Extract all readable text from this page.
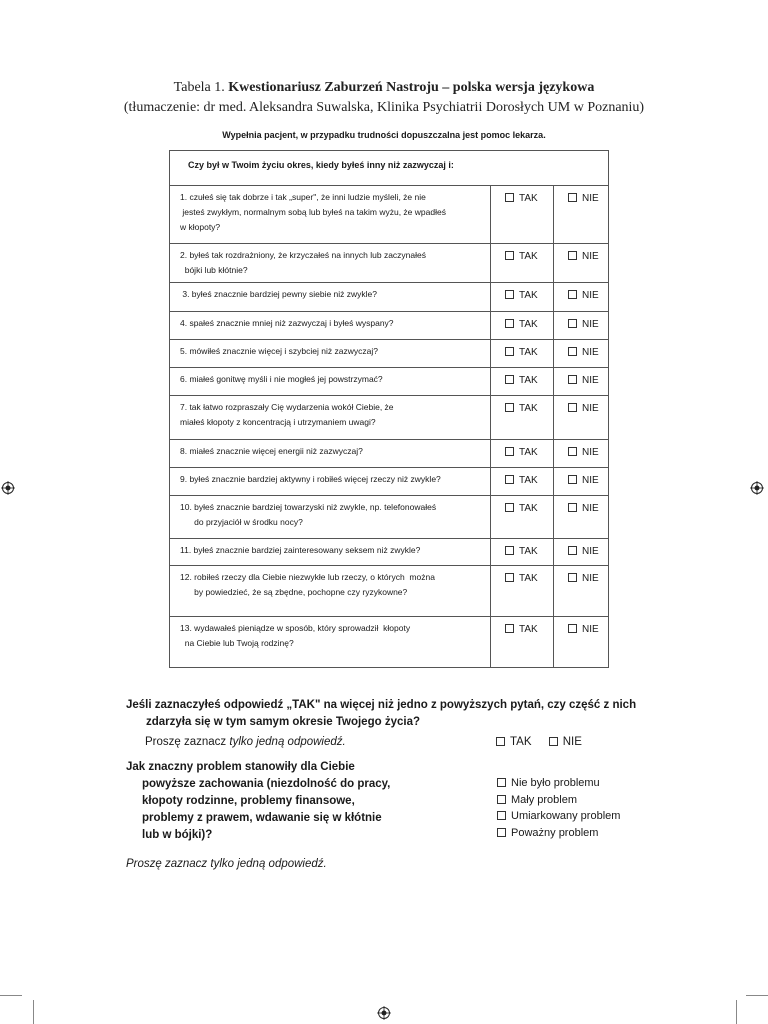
Tabela 1. Kwestionariusz Zaburzeń Nastroju – polska wersja językowa
(tłumaczenie: dr med. Aleksandra Suwalska, Klinika Psychiatrii Dorosłych UM w Poznaniu)
Wypełnia pacjent, w przypadku trudności dopuszczalna jest pomoc lekarza.
Czy był w Twoim życiu okres, kiedy byłeś inny niż zazwyczaj i:		

1. czułeś się tak dobrze i tak „super", że inni ludzie myśleli, że nie
jesteś zwykłym, normalnym sobą lub byłeś na takim wyżu, że wpadłeś
w kłopoty?	TAK	NIE

2. byłeś tak rozdrażniony, że krzyczałeś na innych lub zaczynałeś
bójki lub kłótnie?	TAK	NIE

3. byłeś znacznie bardziej pewny siebie niż zwykle?	TAK	NIE

4. spałeś znacznie mniej niż zazwyczaj i byłeś wyspany?	TAK	NIE

5. mówiłeś znacznie więcej i szybciej niż zazwyczaj?	TAK	NIE

6. miałeś gonitwę myśli i nie mogłeś jej powstrzymać?	TAK	NIE

7. tak łatwo rozpraszały Cię wydarzenia wokół Ciebie, że
miałeś kłopoty z koncentracją i utrzymaniem uwagi?	TAK	NIE

8. miałeś znacznie więcej energii niż zazwyczaj?	TAK	NIE

9. byłeś znacznie bardziej aktywny i robiłeś więcej rzeczy niż zwykle?	TAK	NIE

10. byłeś znacznie bardziej towarzyski niż zwykle, np. telefonowałeś
do przyjaciół w środku nocy?	TAK	NIE

11. byłeś znacznie bardziej zainteresowany seksem niż zwykle?	TAK	NIE

12. robiłeś rzeczy dla Ciebie niezwykłe lub rzeczy, o których  można
by powiedzieć, że są zbędne, pochopne czy ryzykowne?	TAK	NIE

13. wydawałeś pieniądze w sposób, który sprowadził  kłopoty
na Ciebie lub Twoją rodzinę?	TAK	NIE
Jeśli zaznaczyłeś odpowiedź „TAK" na więcej niż jedno z powyższych pytań, czy część z nich
zdarzyła się w tym samym okresie Twojego życia?
Proszę zaznacz tylko jedną odpowiedź.	TAK	NIE
Jak znaczny problem stanowiły dla Ciebie
powyższe zachowania (niezdolność do pracy,
kłopoty rodzinne, problemy finansowe,
problemy z prawem, wdawanie się w kłótnie
lub w bójki)?
Nie było problemu
Mały problem
Umiarkowany problem
Poważny problem
Proszę zaznacz tylko jedną odpowiedź.
